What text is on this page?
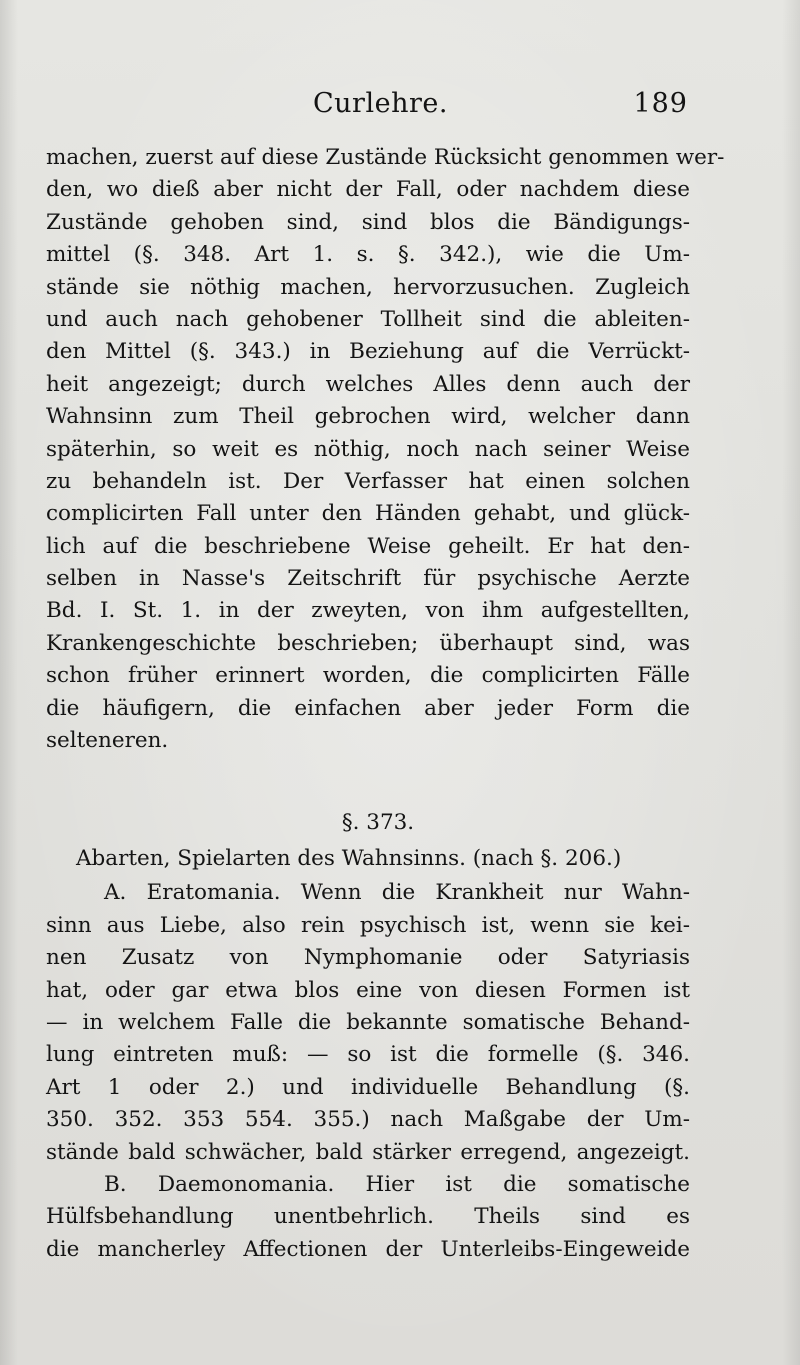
Curlehre.	189
machen, zuerst auf diese Zustände Rücksicht genommen wer-
den, wo dieß aber nicht der Fall, oder nachdem diese
Zustände gehoben sind, sind blos die Bändigungs-
mittel (§. 348. Art 1. s. §. 342.), wie die Um-
stände sie nöthig machen, hervorzusuchen. Zugleich
und auch nach gehobener Tollheit sind die ableiten-
den Mittel (§. 343.) in Beziehung auf die Verrückt-
heit angezeigt; durch welches Alles denn auch der
Wahnsinn zum Theil gebrochen wird, welcher dann
späterhin, so weit es nöthig, noch nach seiner Weise
zu behandeln ist. Der Verfasser hat einen solchen
complicirten Fall unter den Händen gehabt, und glück-
lich auf die beschriebene Weise geheilt. Er hat den-
selben in Nasse's Zeitschrift für psychische Aerzte
Bd. I. St. 1. in der zweyten, von ihm aufgestellten,
Krankengeschichte beschrieben; überhaupt sind, was
schon früher erinnert worden, die complicirten Fälle
die häufigern, die einfachen aber jeder Form die
selteneren.
§. 373.
Abarten, Spielarten des Wahnsinns. (nach §. 206.)
A. Eratomania. Wenn die Krankheit nur Wahn-
sinn aus Liebe, also rein psychisch ist, wenn sie kei-
nen Zusatz von Nymphomanie oder Satyriasis
hat, oder gar etwa blos eine von diesen Formen ist
— in welchem Falle die bekannte somatische Behand-
lung eintreten muß: — so ist die formelle (§. 346.
Art 1 oder 2.) und individuelle Behandlung (§.
350. 352. 353 554. 355.) nach Maßgabe der Um-
stände bald schwächer, bald stärker erregend, angezeigt.
B. Daemonomania. Hier ist die somatische
Hülfsbehandlung unentbehrlich. Theils sind es
die mancherley Affectionen der Unterleibs-Eingeweide
